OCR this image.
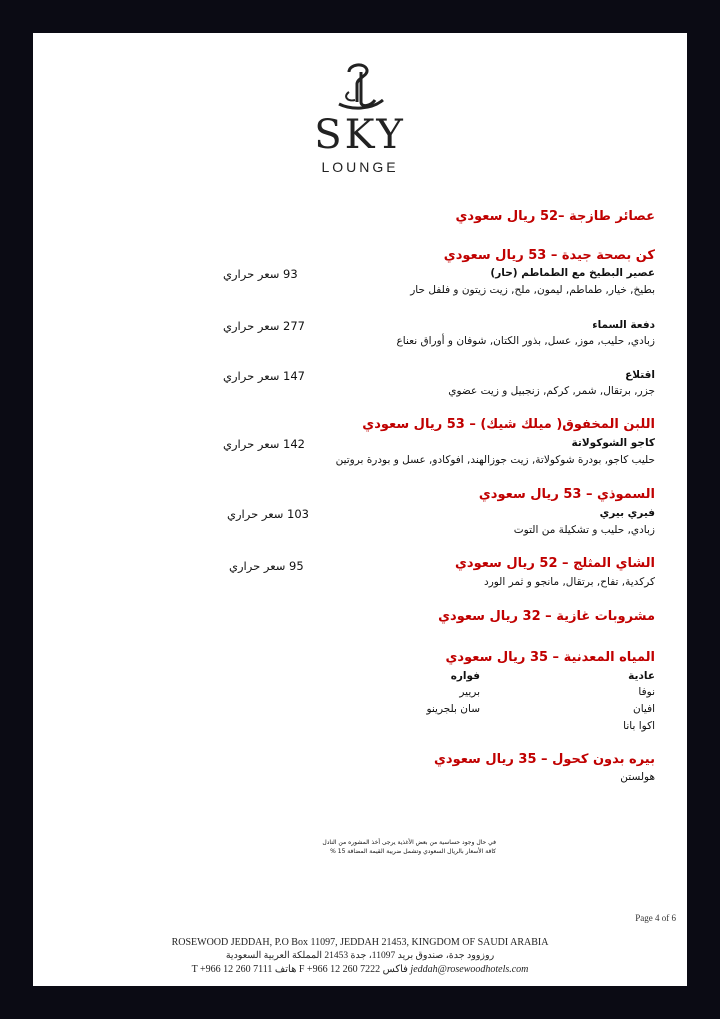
SKY
LOUNGE
عصائر طازجة –52 ريال سعودي
كن بصحة جيدة – 53 ريال سعودي
عصير البطيخ مع الطماطم (حار)
93 سعر حراري
بطيخ, خيار, طماطم, ليمون, ملح, زيت زيتون و فلفل حار
دفعة السماء
277 سعر حراري
زبادي, حليب, موز, عسل, بذور الكتان, شوفان و أوراق نعناع
اقتلاع
147 سعر حراري
جزر, برتقال, شمر, كركم, زنجبيل و زيت عضوي
اللبن المخفوق( ميلك شيك) – 53 ريال سعودي
كاجو الشوكولاتة
142 سعر حراري
حليب كاجو, بودرة شوكولاتة, زيت جوزالهند, افوكادو, عسل و بودرة بروتين
السموذي – 53 ريال سعودي
فيري بيري
103 سعر حراري
زبادي, حليب و تشكيلة من التوت
الشاي المثلج – 52 ريال سعودي
95 سعر حراري
كركدية, تفاح, برتقال, مانجو و ثمر الورد
مشروبات غازية – 32 ريال سعودي
المياه المعدنية – 35 ريال سعودي
عادية
فواره
نوفا
افيان
اكوا بانا
بريير
سان بلجرينو
بيره بدون كحول – 35 ريال سعودي
هولستن
في حال وجود حساسية من بعض الأغذية يرجى أخذ المشوره من النادل
كافة الأسعار بالريال السعودي وتشمل ضريبة القيمة المضافة 15 %
Page 4 of 6
ROSEWOOD JEDDAH, P.O Box 11097, JEDDAH 21453, KINGDOM OF SAUDI ARABIA
روزوود جدة، صندوق بريد 11097، جدة 21453 المملكة العربية السعودية
T +966 12 260 7111 هاتف F +966 12 260 7222 فاكس jeddah@rosewoodhotels.com
